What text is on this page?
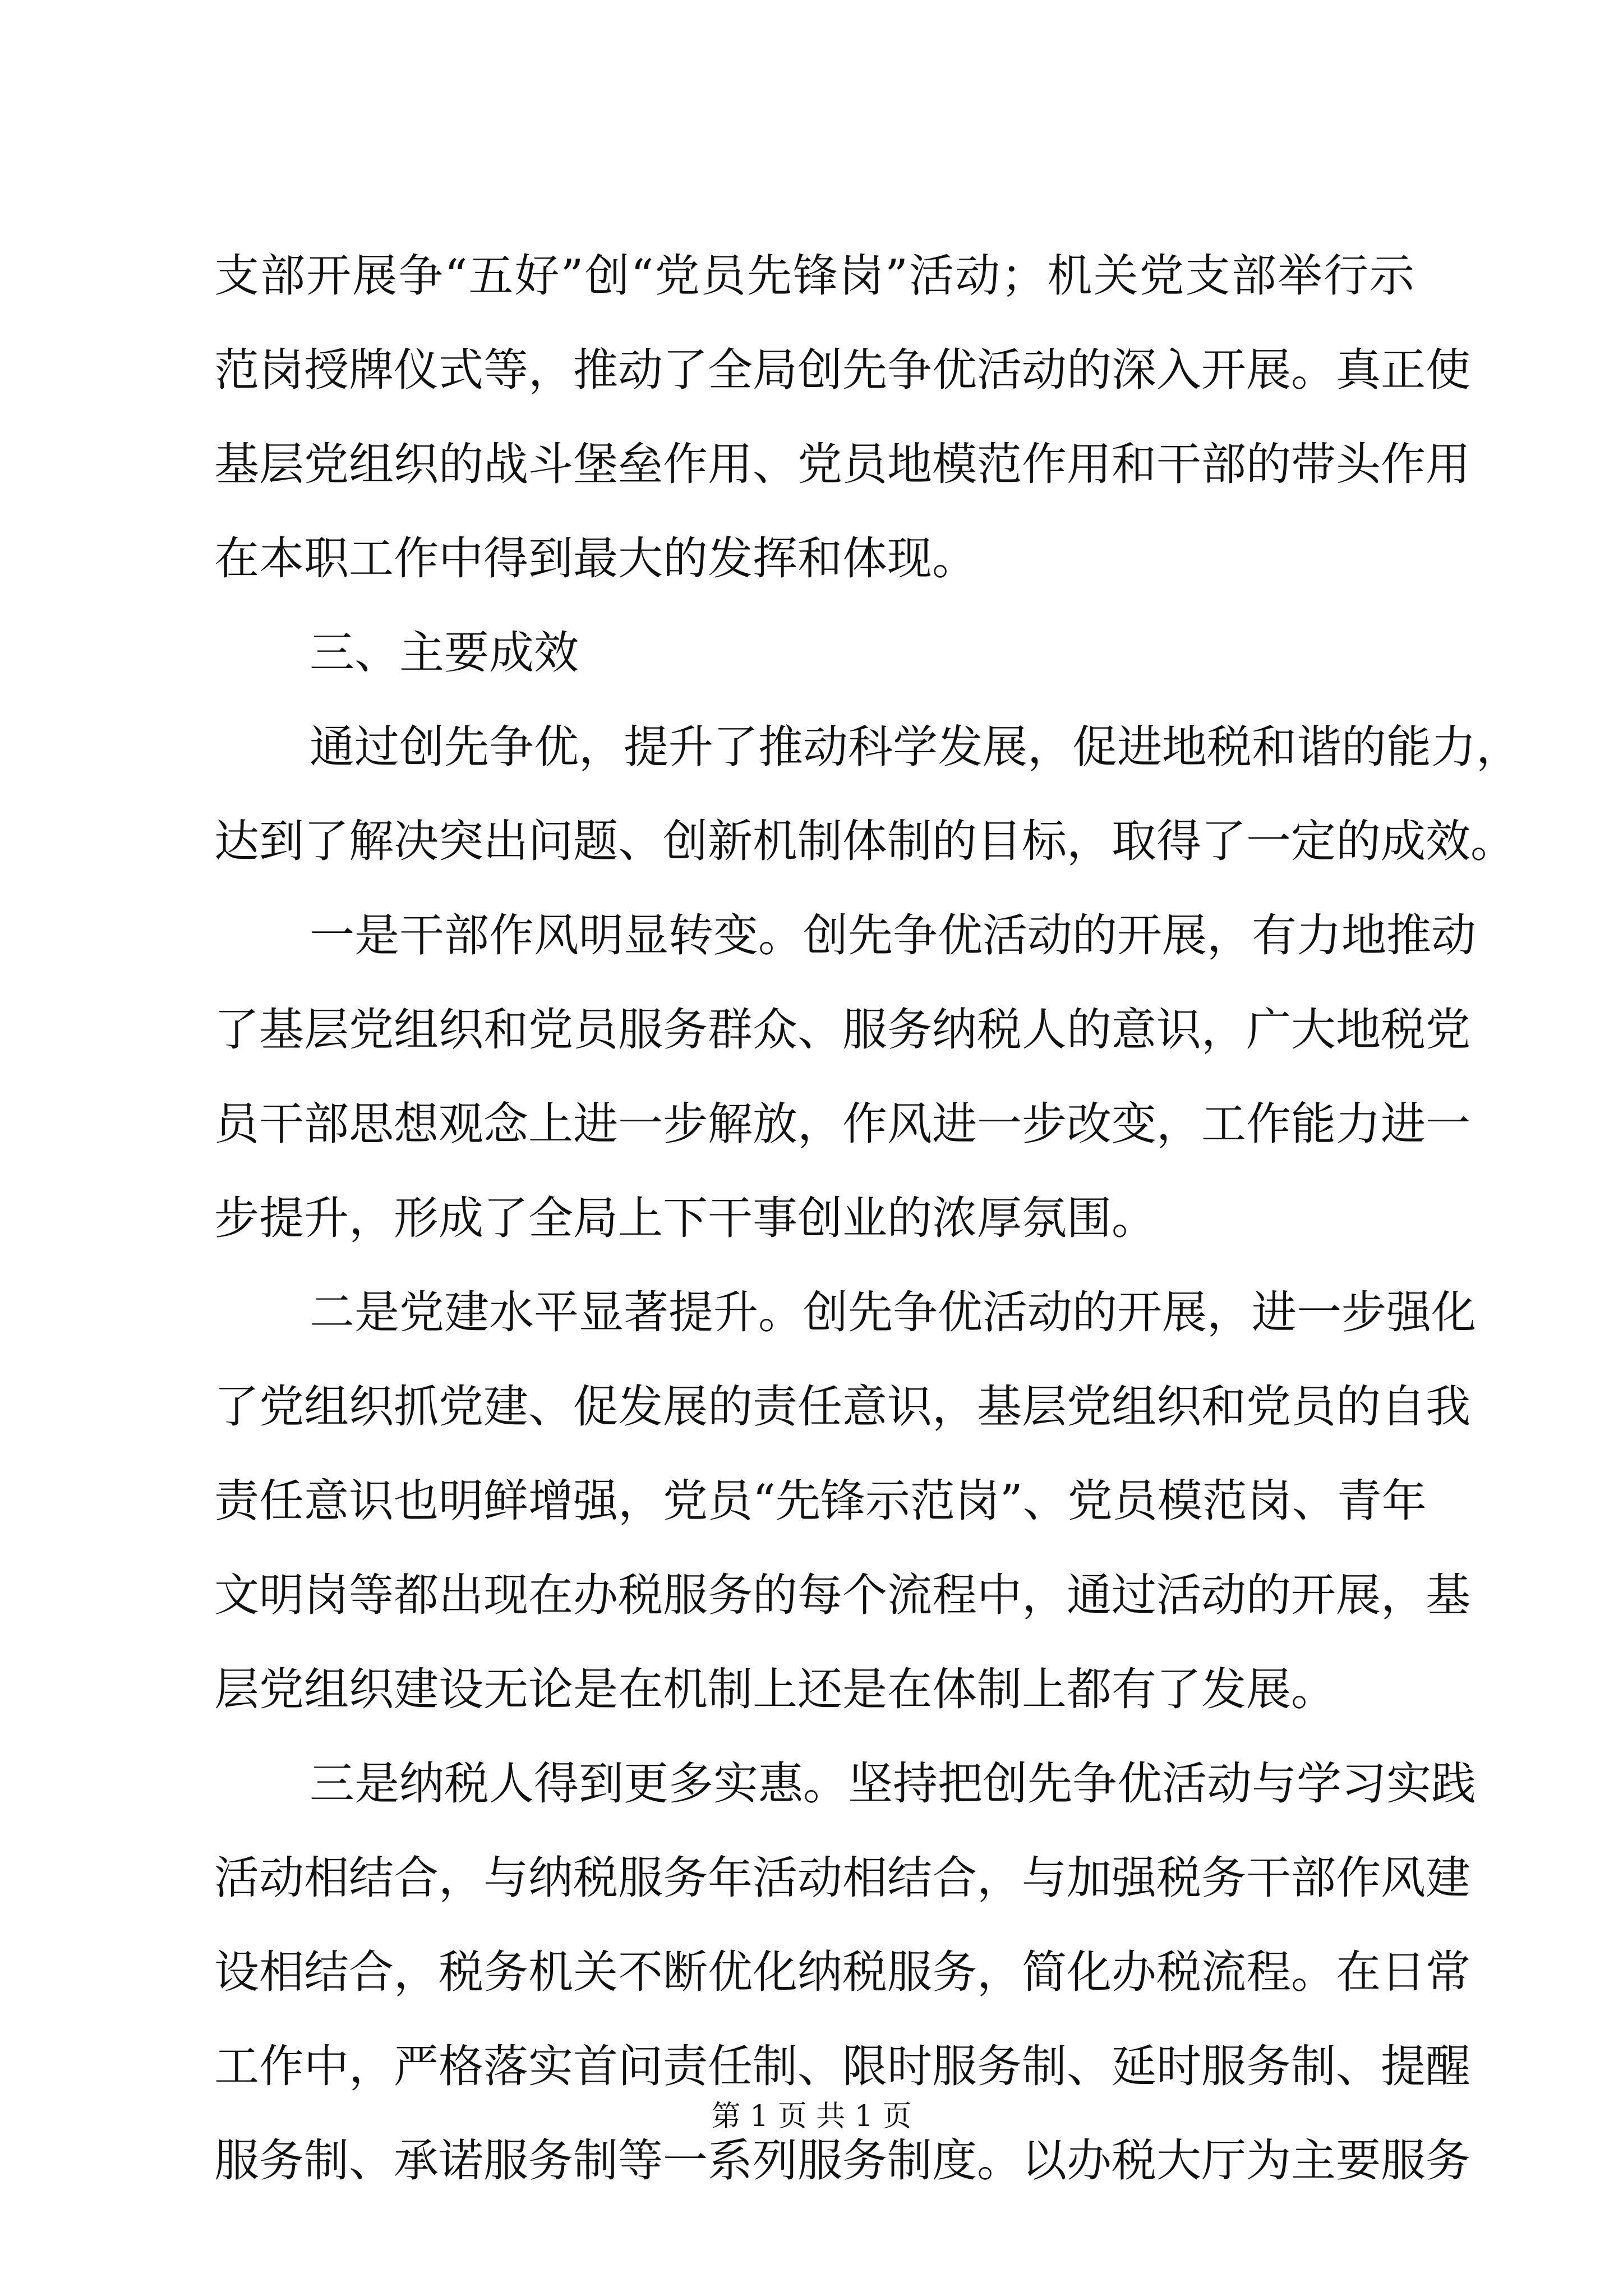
支部开展争“五好”创“党员先锋岗”活动；机关党支部举行示
范岗授牌仪式等，推动了全局创先争优活动的深入开展。真正使
基层党组织的战斗堡垒作用、党员地模范作用和干部的带头作用
在本职工作中得到最大的发挥和体现。
三、主要成效
通过创先争优，提升了推动科学发展，促进地税和谐的能力，
达到了解决突出问题、创新机制体制的目标，取得了一定的成效。
一是干部作风明显转变。创先争优活动的开展，有力地推动
了基层党组织和党员服务群众、服务纳税人的意识，广大地税党
员干部思想观念上进一步解放，作风进一步改变，工作能力进一
步提升，形成了全局上下干事创业的浓厚氛围。
二是党建水平显著提升。创先争优活动的开展，进一步强化
了党组织抓党建、促发展的责任意识，基层党组织和党员的自我
责任意识也明鲜增强，党员“先锋示范岗”、党员模范岗、青年
文明岗等都出现在办税服务的每个流程中，通过活动的开展，基
层党组织建设无论是在机制上还是在体制上都有了发展。
三是纳税人得到更多实惠。坚持把创先争优活动与学习实践
活动相结合，与纳税服务年活动相结合，与加强税务干部作风建
设相结合，税务机关不断优化纳税服务，简化办税流程。在日常
工作中，严格落实首问责任制、限时服务制、延时服务制、提醒
服务制、承诺服务制等一系列服务制度。以办税大厅为主要服务
第 1 页 共 1 页
